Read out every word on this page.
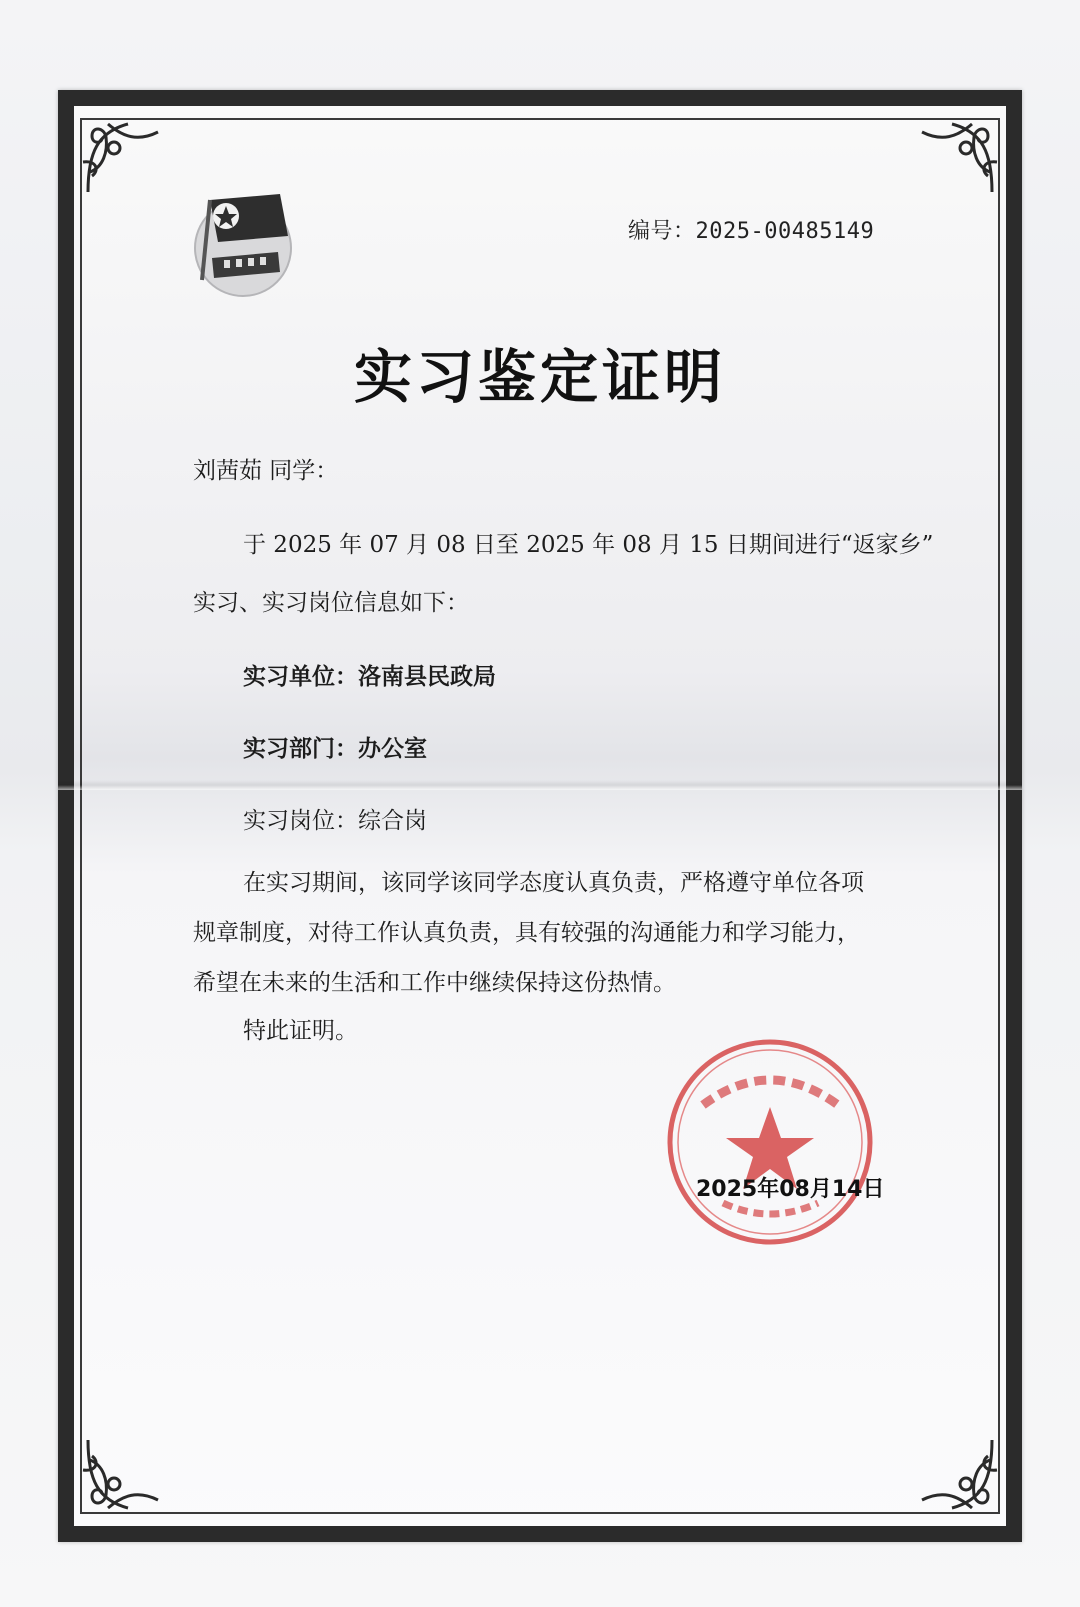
编号：2025-00485149
实习鉴定证明
刘茜茹 同学：
于 2025 年 07 月 08 日至 2025 年 08 月 15 日期间进行“返家乡”
实习、实习岗位信息如下：
实习单位：洛南县民政局
实习部门：办公室
实习岗位：综合岗
在实习期间，该同学该同学态度认真负责，严格遵守单位各项
规章制度，对待工作认真负责，具有较强的沟通能力和学习能力，
希望在未来的生活和工作中继续保持这份热情。
特此证明。
2025年08月14日
